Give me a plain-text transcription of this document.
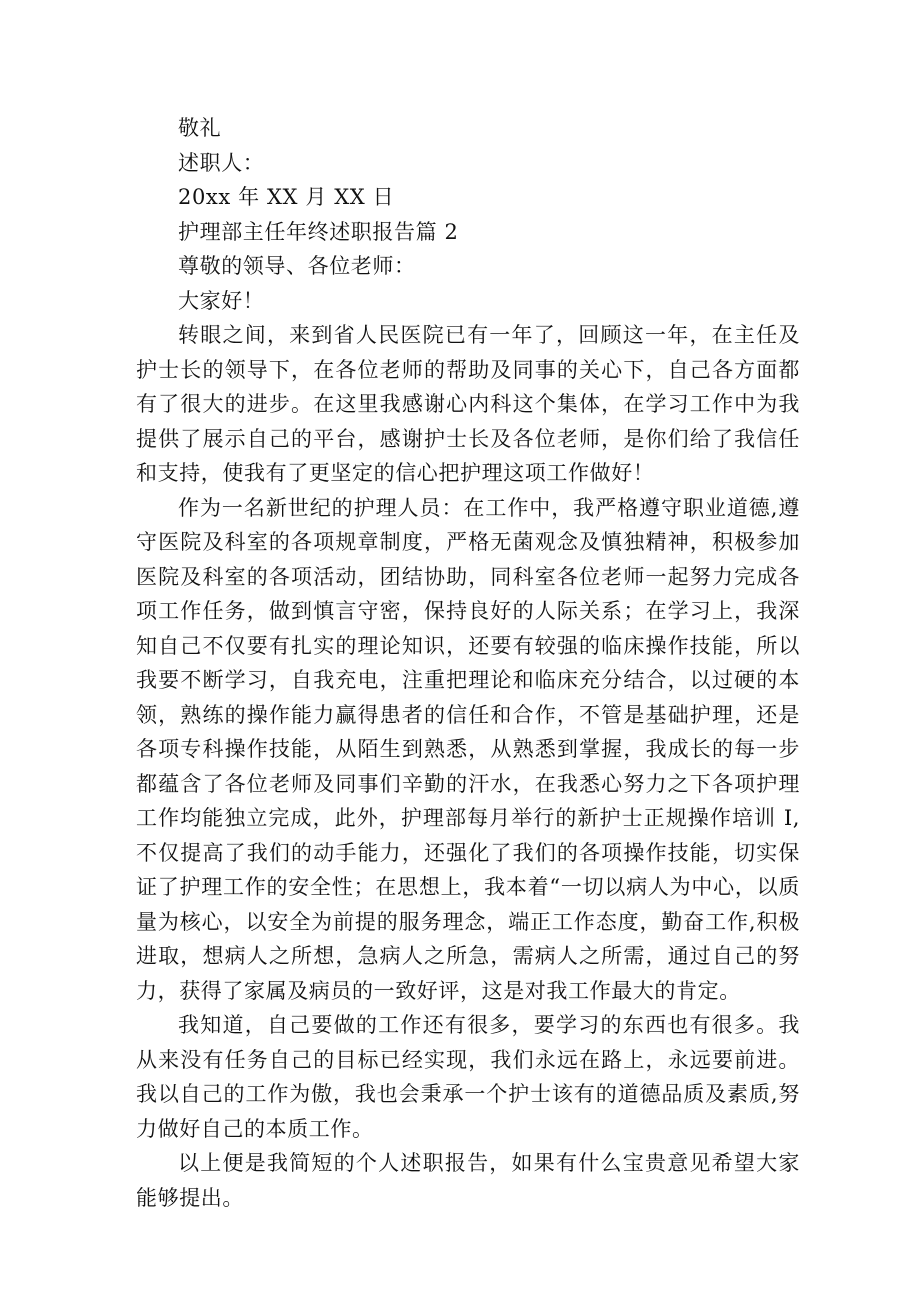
敬礼

述职人：

20xx 年 XX 月 XX 日

护理部主任年终述职报告篇 2

尊敬的领导、各位老师：

大家好！

转眼之间，来到省人民医院已有一年了，回顾这一年，在主任及护士长的领导下，在各位老师的帮助及同事的关心下，自己各方面都有了很大的进步。在这里我感谢心内科这个集体，在学习工作中为我提供了展示自己的平台，感谢护士长及各位老师，是你们给了我信任和支持，使我有了更坚定的信心把护理这项工作做好！

作为一名新世纪的护理人员：在工作中，我严格遵守职业道德,遵守医院及科室的各项规章制度，严格无菌观念及慎独精神，积极参加医院及科室的各项活动，团结协助，同科室各位老师一起努力完成各项工作任务，做到慎言守密，保持良好的人际关系；在学习上，我深知自己不仅要有扎实的理论知识，还要有较强的临床操作技能，所以我要不断学习，自我充电，注重把理论和临床充分结合，以过硬的本领，熟练的操作能力赢得患者的信任和合作，不管是基础护理，还是各项专科操作技能，从陌生到熟悉，从熟悉到掌握，我成长的每一步都蕴含了各位老师及同事们辛勤的汗水，在我悉心努力之下各项护理工作均能独立完成，此外，护理部每月举行的新护士正规操作培训 I,不仅提高了我们的动手能力，还强化了我们的各项操作技能，切实保证了护理工作的安全性；在思想上，我本着“一切以病人为中心，以质量为核心，以安全为前提的服务理念，端正工作态度，勤奋工作,积极进取，想病人之所想，急病人之所急，需病人之所需，通过自己的努力，获得了家属及病员的一致好评，这是对我工作最大的肯定。

我知道，自己要做的工作还有很多，要学习的东西也有很多。我从来没有任务自己的目标已经实现，我们永远在路上，永远要前进。我以自己的工作为傲，我也会秉承一个护士该有的道德品质及素质,努力做好自己的本质工作。

以上便是我简短的个人述职报告，如果有什么宝贵意见希望大家能够提出。
